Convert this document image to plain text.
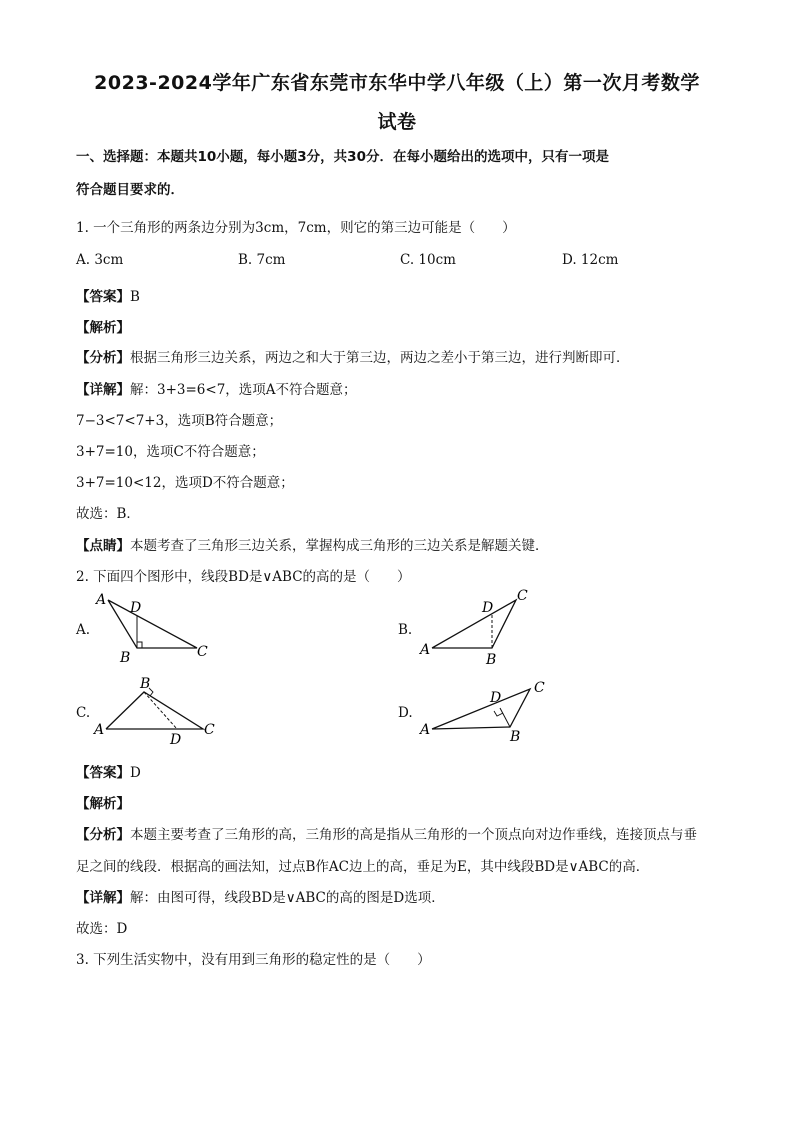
2023-2024学年广东省东莞市东华中学八年级（上）第一次月考数学
试卷
一、选择题：本题共10小题，每小题3分，共30分．在每小题给出的选项中，只有一项是
符合题目要求的．
1. 一个三角形的两条边分别为3cm，7cm，则它的第三边可能是（　　）
A. 3cm	B. 7cm	C. 10cm	D. 12cm
【答案】B
【解析】
【分析】根据三角形三边关系，两边之和大于第三边，两边之差小于第三边，进行判断即可．
【详解】解：3+3=6<7，选项A不符合题意；
7−3<7<7+3，选项B符合题意；
3+7=10，选项C不符合题意；
3+7=10<12，选项D不符合题意；
故选：B．
【点睛】本题考查了三角形三边关系，掌握构成三角形的三边关系是解题关键．
2. 下面四个图形中，线段BD是∨ABC的高的是（　　）
A.
A D
B	C
B.
D
C
A
B
C.
B
A	C
D
D.
D
C
A	B
【答案】D
【解析】
【分析】本题主要考查了三角形的高，三角形的高是指从三角形的一个顶点向对边作垂线，连接顶点与垂
足之间的线段．根据高的画法知，过点B作AC边上的高，垂足为E，其中线段BD是∨ABC的高．
【详解】解：由图可得，线段BD是∨ABC的高的图是D选项．
故选：D
3. 下列生活实物中，没有用到三角形的稳定性的是（　　）
